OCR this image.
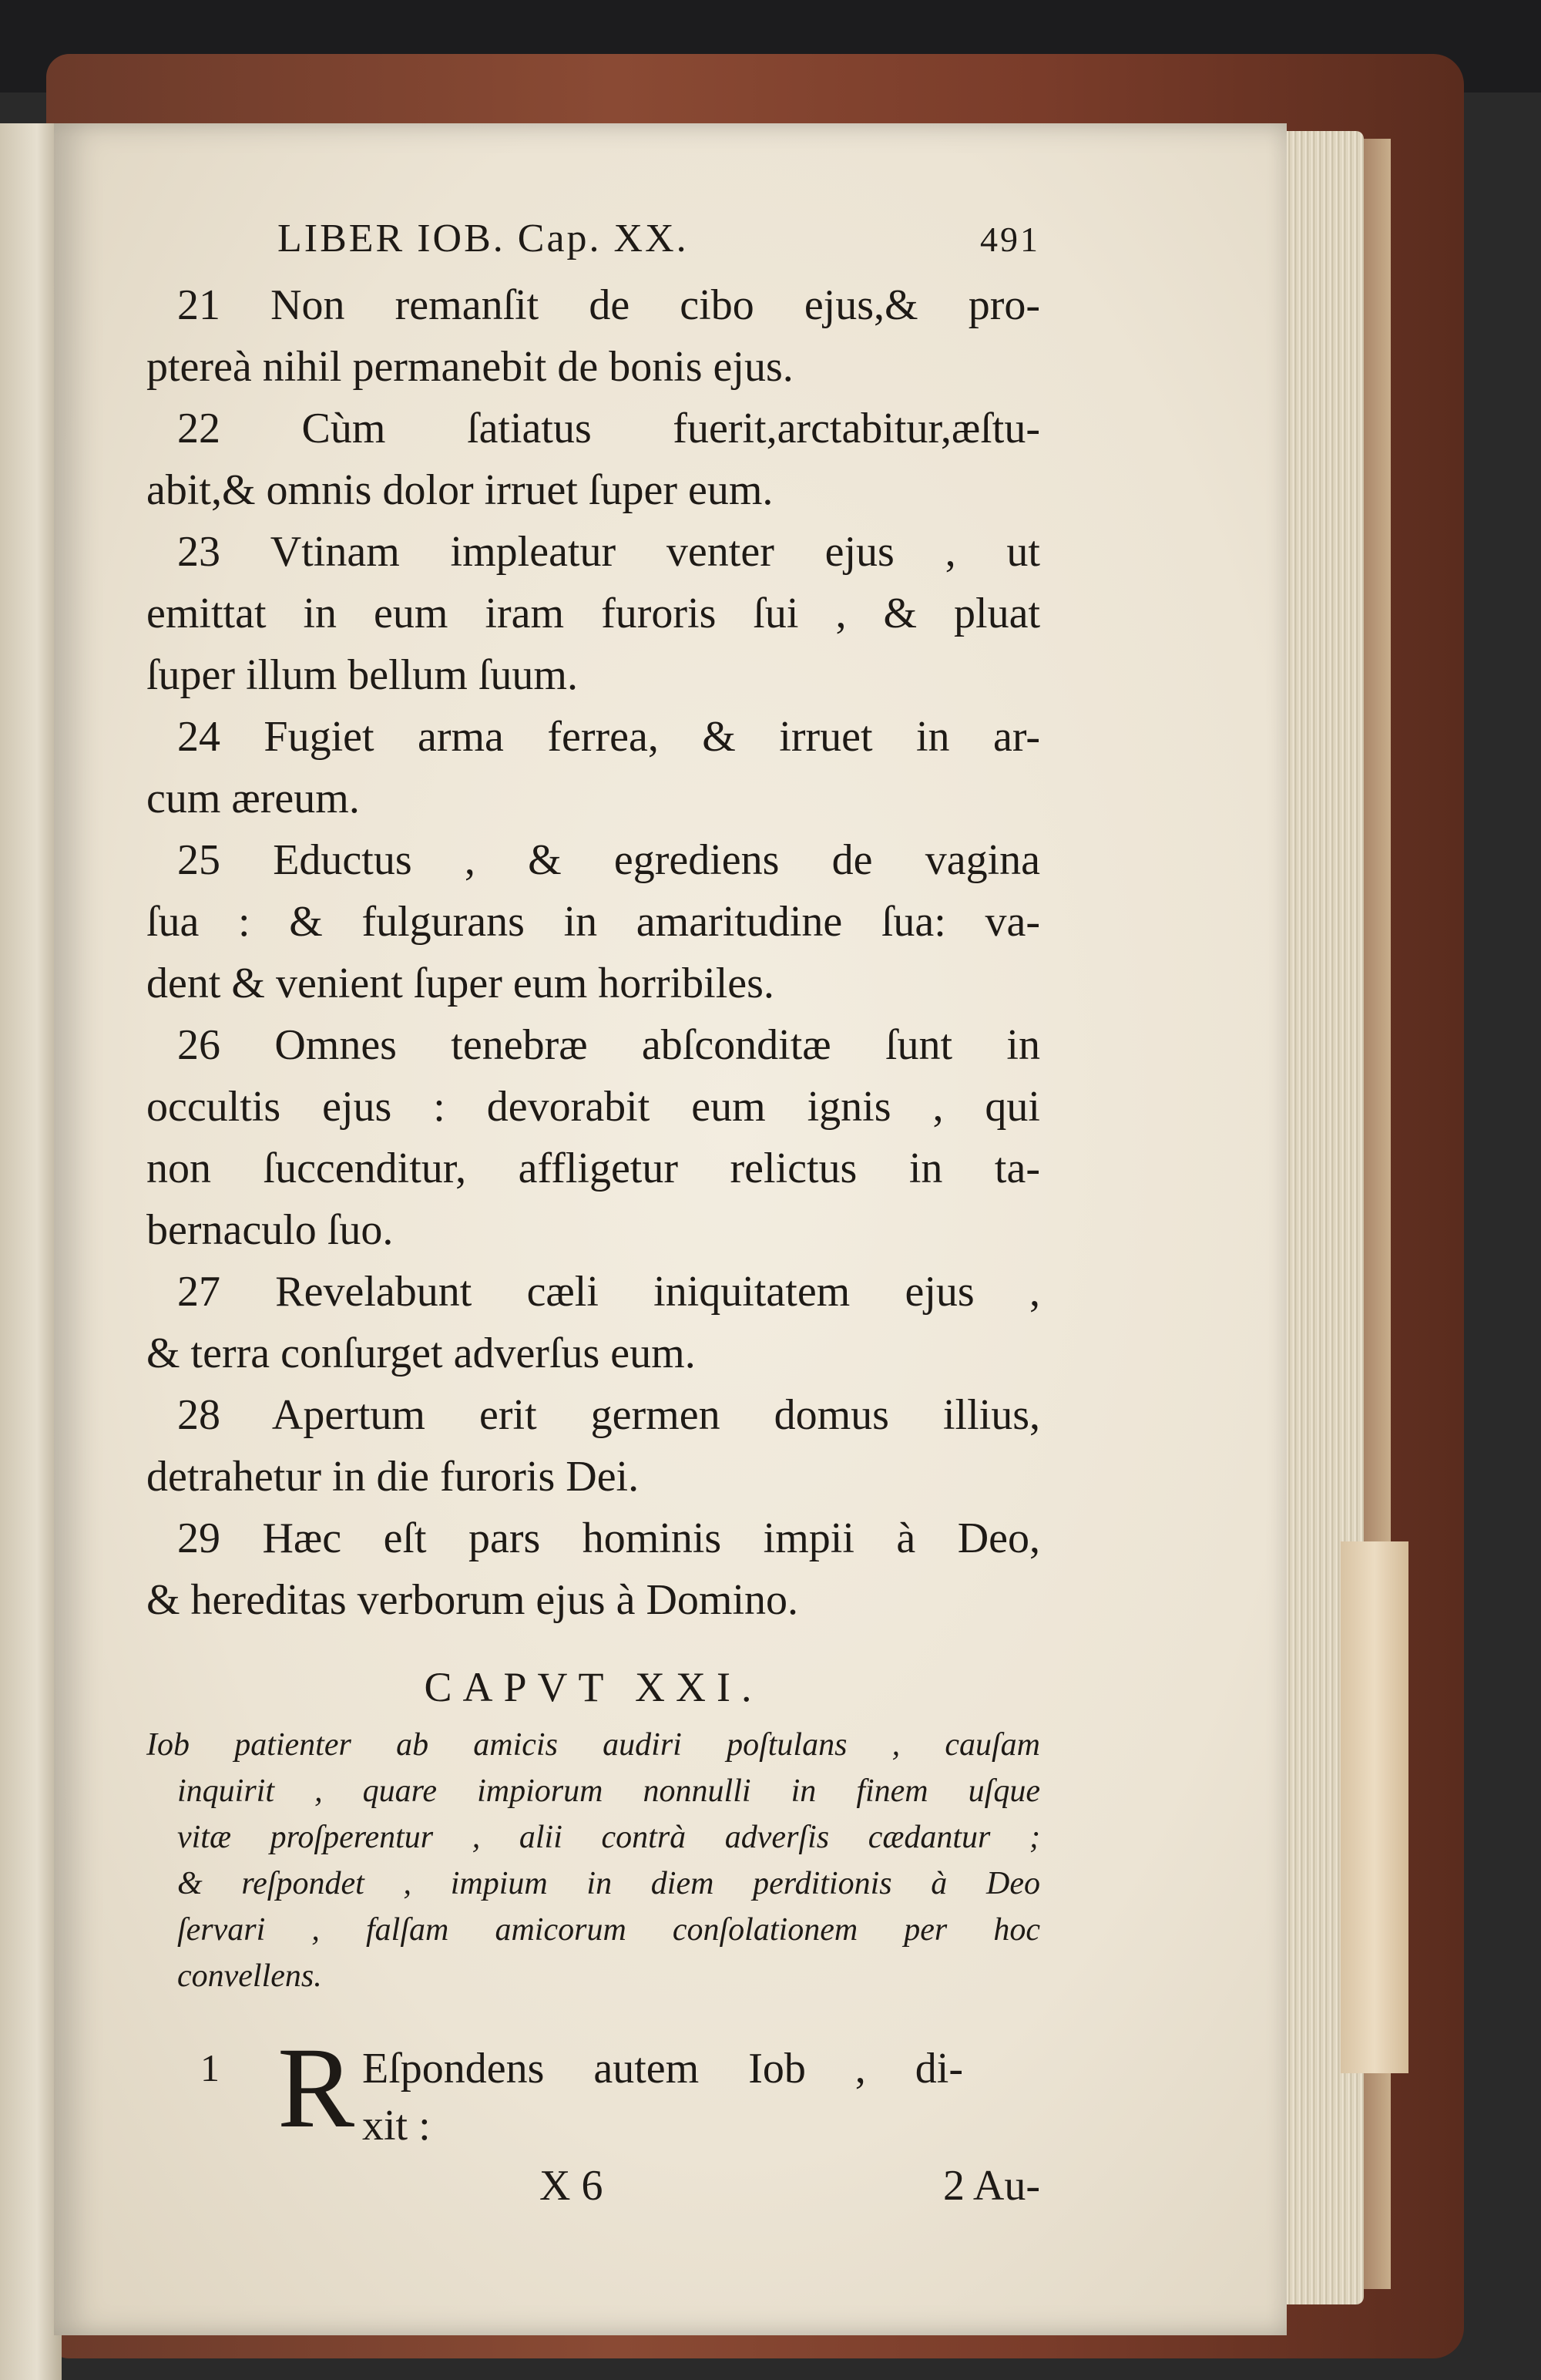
LIBER IOB. Cap. XX.	491
21 Non remanſit de cibo ejus,& pro-
ptereà nihil permanebit de bonis ejus.
22 Cùm ſatiatus fuerit,arctabitur,æſtu-
abit,& omnis dolor irruet ſuper eum.
23 Vtinam impleatur venter ejus , ut
emittat in eum iram furoris ſui , & pluat
ſuper illum bellum ſuum.
24 Fugiet arma ferrea, & irruet in ar-
cum æreum.
25 Eductus , & egrediens de vagina
ſua : & fulgurans in amaritudine ſua: va-
dent & venient ſuper eum horribiles.
26 Omnes tenebræ abſconditæ ſunt in
occultis ejus : devorabit eum ignis , qui
non ſuccenditur, affligetur relictus in ta-
bernaculo ſuo.
27 Revelabunt cæli iniquitatem ejus ,
& terra conſurget adverſus eum.
28 Apertum erit germen domus illius,
detrahetur in die furoris Dei.
29 Hæc eſt pars hominis impii à Deo,
& hereditas verborum ejus à Domino.
CAPVT XXI.
Iob patienter ab amicis audiri poſtulans , cauſam
inquirit , quare impiorum nonnulli in finem uſque
vitæ proſperentur , alii contrà adverſis cædantur ;
& reſpondet , impium in diem perditionis à Deo
ſervari , falſam amicorum conſolationem per hoc
convellens.
1 R Eſpondens autem Iob , di-
xit :
X 6	2 Au-
